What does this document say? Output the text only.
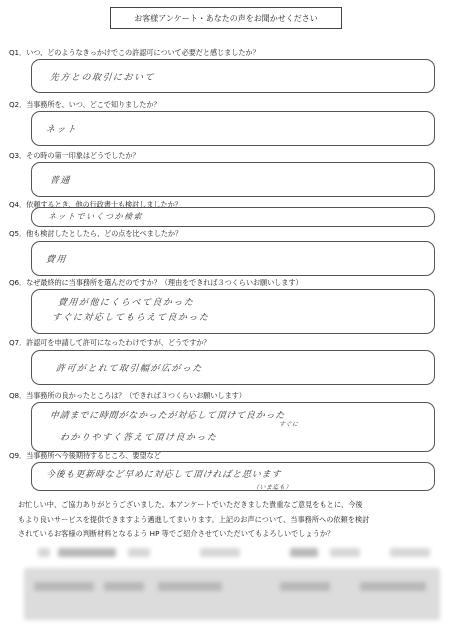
お客様アンケート・あなたの声をお聞かせください
Q1．いつ、どのようなきっかけでこの許認可について必要だと感じましたか？
先方との取引において
Q2．当事務所を、いつ、どこで知りましたか？
ネット
Q3．その時の第一印象はどうでしたか？
普通
Q4．依頼するとき、他の行政書士も検討しましたか？
ネットでいくつか検索
Q5．他も検討したとしたら、どの点を比べましたか？
費用
Q6．なぜ最終的に当事務所を選んだのですか？（理由をできれば３つくらいお願いします）
費用が他にくらべて良かった
すぐに対応してもらえて良かった
Q7．許認可を申請して許可になったわけですが、どうですか？
許可がとれて取引幅が広がった
Q8．当事務所の良かったところは？（できれば３つくらいお願いします）
申請までに時間がなかったが対応して頂けて良かった
すぐに
わかりやすく答えて頂け良かった
Q9．当事務所へ今後期待するところ、要望など
今後も更新時など早めに対応して頂ければと思います
（いま迄も）

お忙しい中、ご協力ありがとうございました。本アンケートでいただきました貴重なご意見をもとに、今後

もより良いサービスを提供できますよう邁進してまいります。上記のお声について、当事務所への依頼を検討

されているお客様の判断材料となるよう HP 等でご紹介させていただいてもよろしいでしょうか？
